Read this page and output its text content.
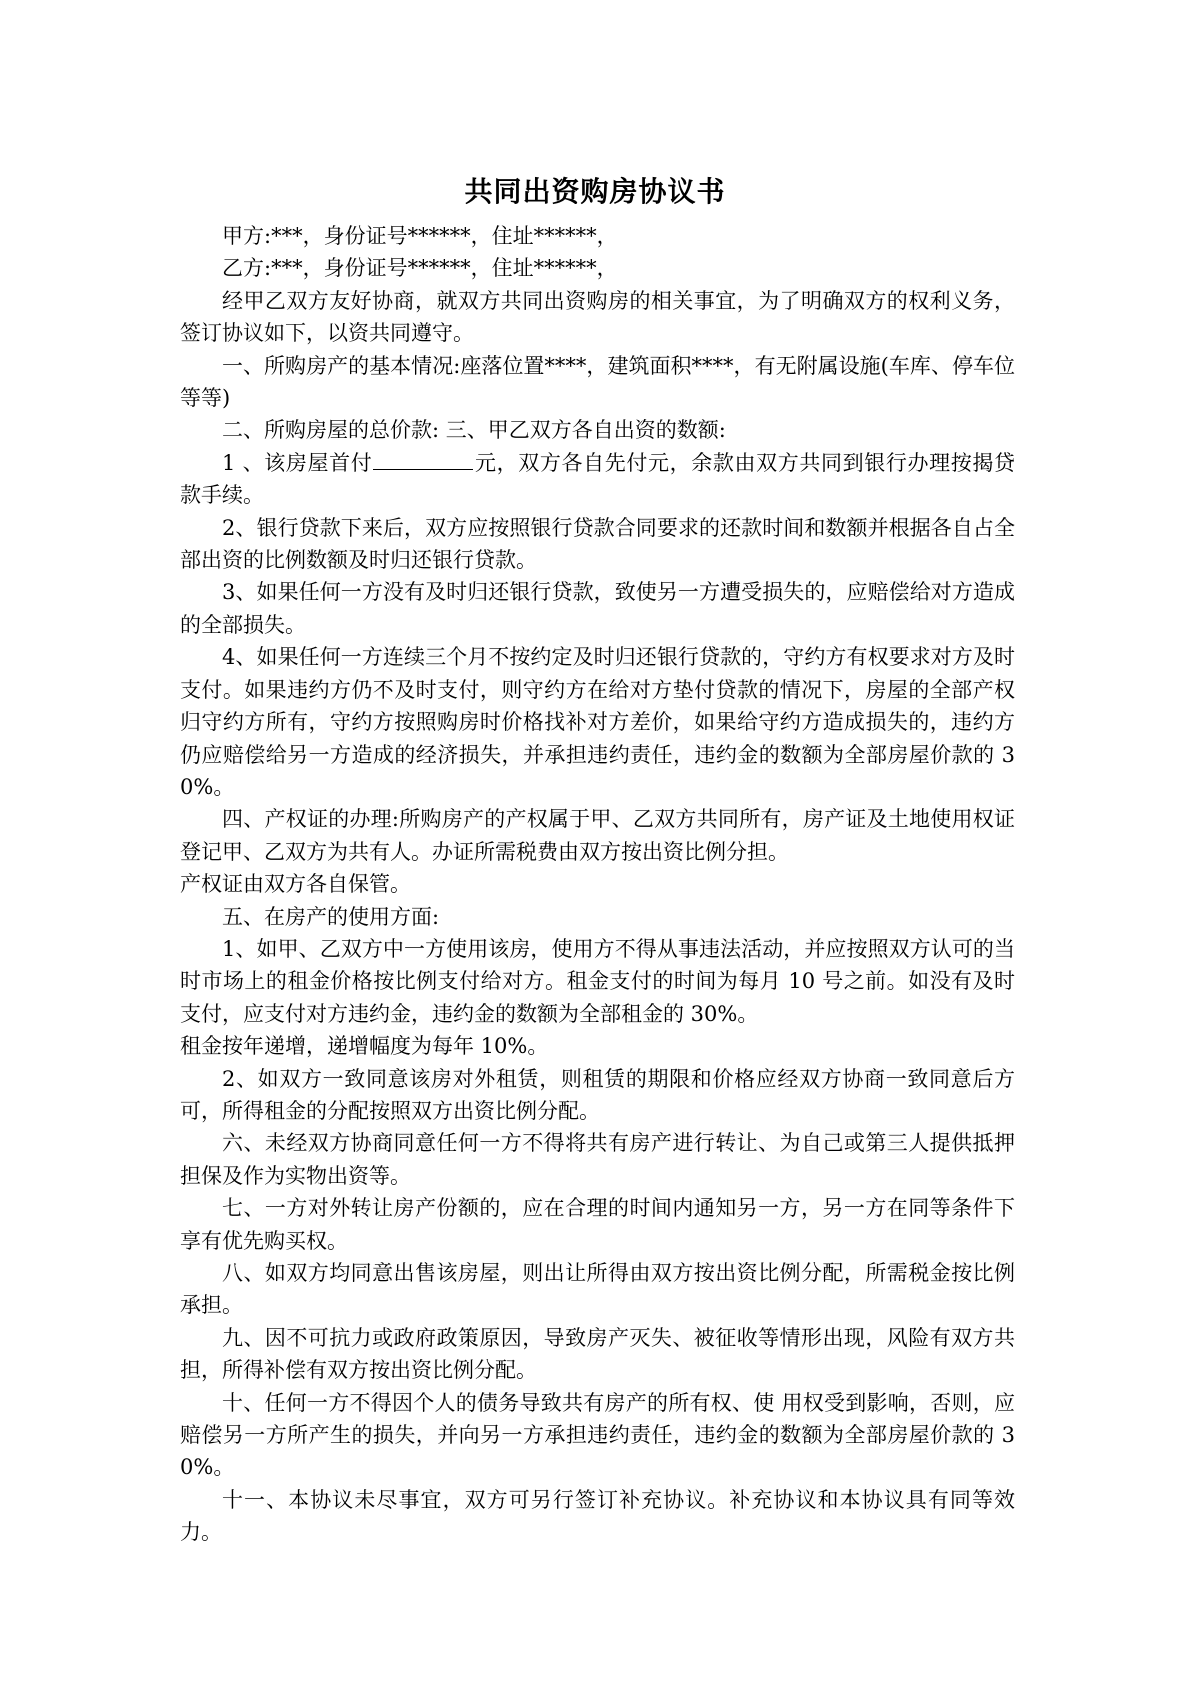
共同出资购房协议书

甲方:***，身份证号******，住址******，

乙方:***，身份证号******，住址******，

经甲乙双方友好协商，就双方共同出资购房的相关事宜，为了明确双方的权利义务，签订协议如下，以资共同遵守。

一、所购房产的基本情况:座落位置****，建筑面积****，有无附属设施(车库、停车位等等)

二、所购房屋的总价款: 三、甲乙双方各自出资的数额:

1 、该房屋首付	元，双方各自先付元，余款由双方共同到银行办理按揭贷款手续。

2、银行贷款下来后，双方应按照银行贷款合同要求的还款时间和数额并根据各自占全部出资的比例数额及时归还银行贷款。

3、如果任何一方没有及时归还银行贷款，致使另一方遭受损失的，应赔偿给对方造成的全部损失。

4、如果任何一方连续三个月不按约定及时归还银行贷款的，守约方有权要求对方及时支付。如果违约方仍不及时支付，则守约方在给对方垫付贷款的情况下，房屋的全部产权归守约方所有，守约方按照购房时价格找补对方差价，如果给守约方造成损失的，违约方仍应赔偿给另一方造成的经济损失，并承担违约责任，违约金的数额为全部房屋价款的 30%。

四、产权证的办理:所购房产的产权属于甲、乙双方共同所有，房产证及土地使用权证登记甲、乙双方为共有人。办证所需税费由双方按出资比例分担。

产权证由双方各自保管。

五、在房产的使用方面:

1、如甲、乙双方中一方使用该房，使用方不得从事违法活动，并应按照双方认可的当时市场上的租金价格按比例支付给对方。租金支付的时间为每月 10 号之前。如没有及时支付，应支付对方违约金，违约金的数额为全部租金的 30%。

租金按年递增，递增幅度为每年 10%。

2、如双方一致同意该房对外租赁，则租赁的期限和价格应经双方协商一致同意后方可，所得租金的分配按照双方出资比例分配。

六、未经双方协商同意任何一方不得将共有房产进行转让、为自己或第三人提供抵押担保及作为实物出资等。

七、一方对外转让房产份额的，应在合理的时间内通知另一方，另一方在同等条件下享有优先购买权。

八、如双方均同意出售该房屋，则出让所得由双方按出资比例分配，所需税金按比例承担。

九、因不可抗力或政府政策原因，导致房产灭失、被征收等情形出现，风险有双方共担，所得补偿有双方按出资比例分配。

十、任何一方不得因个人的债务导致共有房产的所有权、使 用权受到影响，否则，应赔偿另一方所产生的损失，并向另一方承担违约责任，违约金的数额为全部房屋价款的 30%。

十一、本协议未尽事宜，双方可另行签订补充协议。补充协议和本协议具有同等效力。
